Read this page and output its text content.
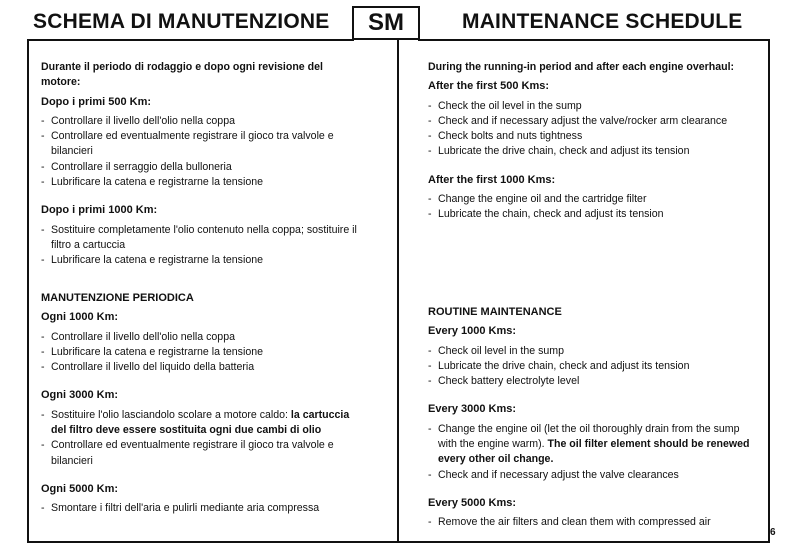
SCHEMA DI MANUTENZIONE	SM	MAINTENANCE SCHEDULE

Durante il periodo di rodaggio e dopo ogni revisione del motore:

Dopo i primi 500 Km:

- Controllare il livello dell'olio nella coppa
- Controllare ed eventualmente registrare il gioco tra valvole e bilancieri
- Controllare il serraggio della bulloneria
- Lubrificare la catena e registrarne la tensione

Dopo i primi 1000 Km:

- Sostituire completamente l'olio contenuto nella coppa; sostituire il filtro a cartuccia
- Lubrificare la catena e registrarne la tensione

MANUTENZIONE PERIODICA

Ogni 1000 Km:

- Controllare il livello dell'olio nella coppa
- Lubrificare la catena e registrarne la tensione
- Controllare il livello del liquido della batteria

Ogni 3000 Km:

- Sostituire l'olio lasciandolo scolare a motore caldo: la cartuccia del filtro deve essere sostituita ogni due cambi di olio
- Controllare ed eventualmente registrare il gioco tra valvole e bilancieri

Ogni 5000 Km:

- Smontare i filtri dell'aria e pulirli mediante aria compressa

During the running-in period and after each engine overhaul:

After the first 500 Kms:

- Check the oil level in the sump
- Check and if necessary adjust the valve/rocker arm clearance
- Check bolts and nuts tightness
- Lubricate the drive chain, check and adjust its tension

After the first 1000 Kms:

- Change the engine oil and the cartridge filter
- Lubricate the chain, check and adjust its tension

ROUTINE MAINTENANCE

Every 1000 Kms:

- Check oil level in the sump
- Lubricate the drive chain, check and adjust its tension
- Check battery electrolyte level

Every 3000 Kms:

- Change the engine oil (let the oil thoroughly drain from the sump with the engine warm). The oil filter element should be renewed every other oil change.
- Check and if necessary adjust the valve clearances

Every 5000 Kms:

- Remove the air filters and clean them with compressed air
6
